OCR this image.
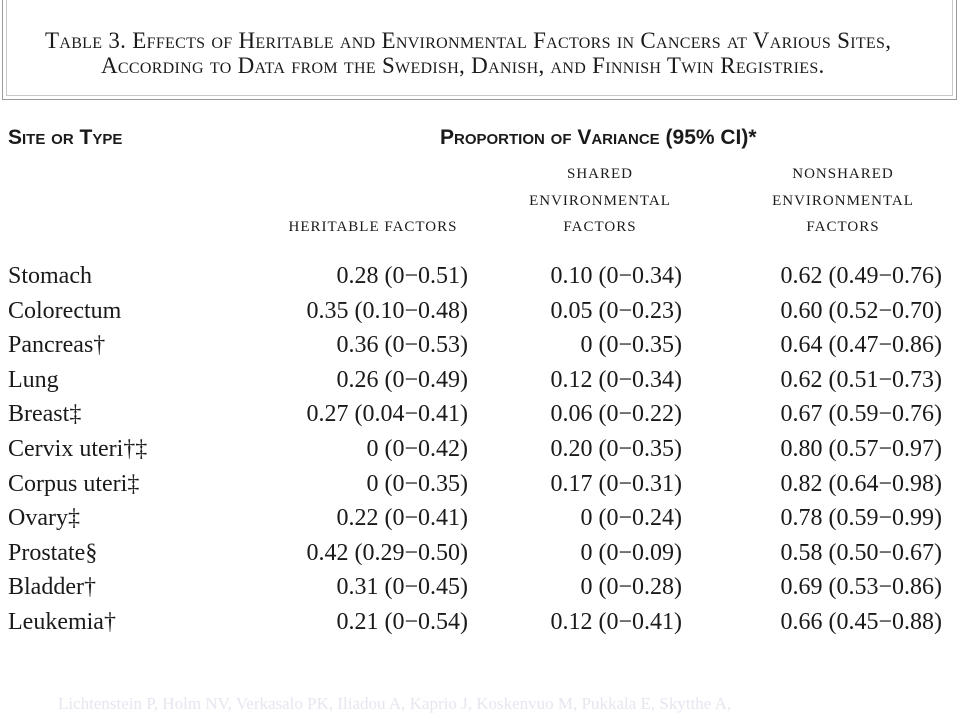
Table 3. Effects of Heritable and Environmental Factors in Cancers at Various Sites,
According to Data from the Swedish, Danish, and Finnish Twin Registries.
Site or Type	Proportion of Variance (95% CI)*
HERITABLE FACTORS
SHARED
ENVIRONMENTAL
FACTORS
NONSHARED
ENVIRONMENTAL
FACTORS
Stomach	0.28 (0−0.51)	0.10 (0−0.34)	0.62 (0.49−0.76)
Colorectum	0.35 (0.10−0.48)	0.05 (0−0.23)	0.60 (0.52−0.70)
Pancreas†	0.36 (0−0.53)	0 (0−0.35)	0.64 (0.47−0.86)
Lung	0.26 (0−0.49)	0.12 (0−0.34)	0.62 (0.51−0.73)
Breast‡	0.27 (0.04−0.41)	0.06 (0−0.22)	0.67 (0.59−0.76)
Cervix uteri†‡	0 (0−0.42)	0.20 (0−0.35)	0.80 (0.57−0.97)
Corpus uteri‡	0 (0−0.35)	0.17 (0−0.31)	0.82 (0.64−0.98)
Ovary‡	0.22 (0−0.41)	0 (0−0.24)	0.78 (0.59−0.99)
Prostate§	0.42 (0.29−0.50)	0 (0−0.09)	0.58 (0.50−0.67)
Bladder†	0.31 (0−0.45)	0 (0−0.28)	0.69 (0.53−0.86)
Leukemia†	0.21 (0−0.54)	0.12 (0−0.41)	0.66 (0.45−0.88)
Lichtenstein P, Holm NV, Verkasalo PK, Iliadou A, Kaprio J, Koskenvuo M, Pukkala E, Skytthe A,
